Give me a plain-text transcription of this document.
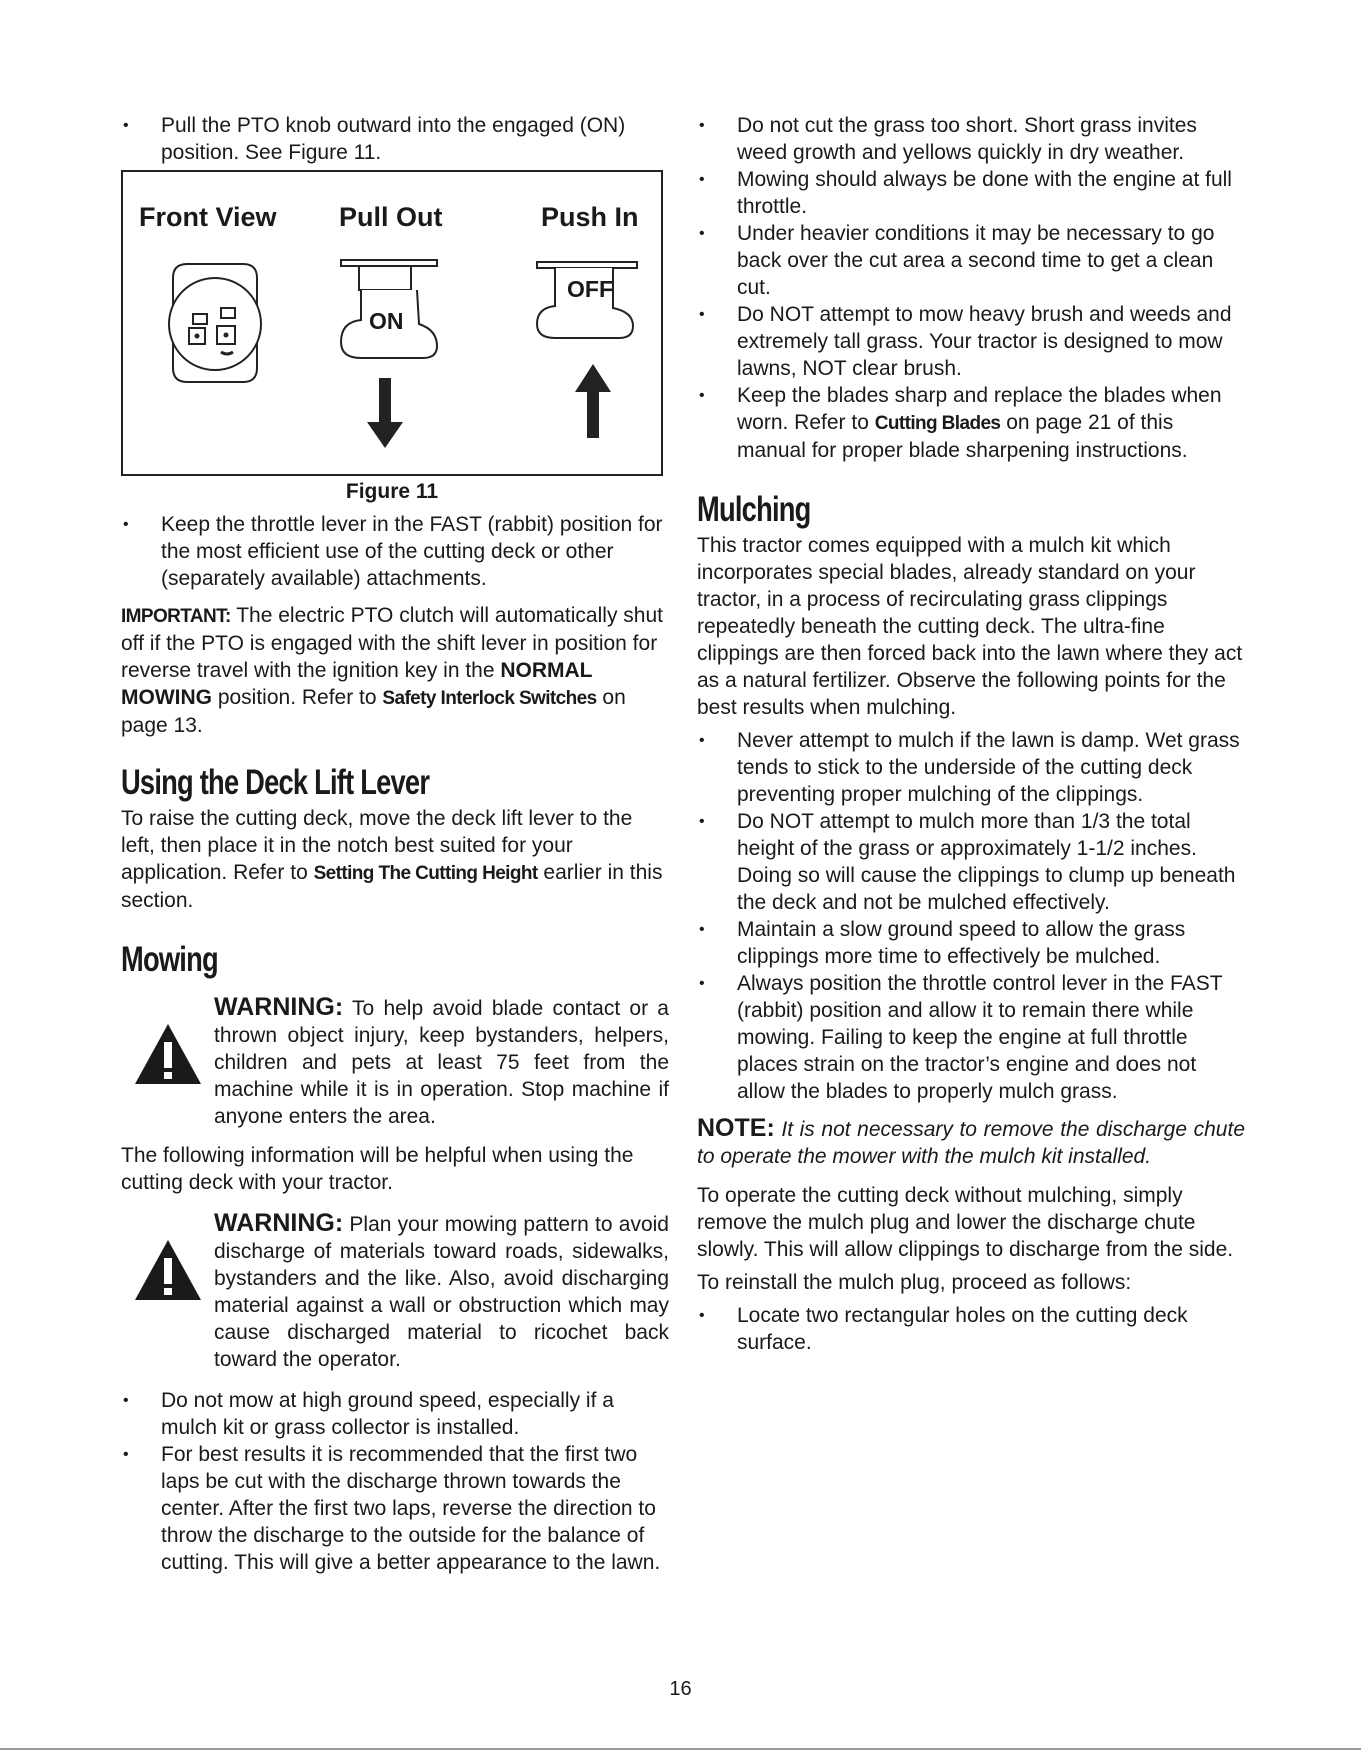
• Pull the PTO knob outward into the engaged (ON) position. See Figure 11.
Front View Pull Out	Push In
ON
OFF
Figure 11
• Keep the throttle lever in the FAST (rabbit) position for the most efficient use of the cutting deck or other (separately available) attachments.

IMPORTANT: The electric PTO clutch will automatically shut off if the PTO is engaged with the shift lever in position for reverse travel with the ignition key in the NORMAL MOWING position. Refer to Safety Interlock Switches on page 13.

Using the Deck Lift Lever

To raise the cutting deck, move the deck lift lever to the left, then place it in the notch best suited for your application. Refer to Setting The Cutting Height earlier in this section.

Mowing

WARNING: To help avoid blade contact or a thrown object injury, keep bystanders, helpers, children and pets at least 75 feet from the machine while it is in operation. Stop machine if anyone enters the area.

The following information will be helpful when using the cutting deck with your tractor.

WARNING: Plan your mowing pattern to avoid discharge of materials toward roads, sidewalks, bystanders and the like. Also, avoid discharging material against a wall or obstruction which may cause discharged material to ricochet back toward the operator.

• Do not mow at high ground speed, especially if a mulch kit or grass collector is installed.
• For best results it is recommended that the first two laps be cut with the discharge thrown towards the center. After the first two laps, reverse the direction to throw the discharge to the outside for the balance of cutting. This will give a better appearance to the lawn.
• Do not cut the grass too short. Short grass invites weed growth and yellows quickly in dry weather.
• Mowing should always be done with the engine at full throttle.
• Under heavier conditions it may be necessary to go back over the cut area a second time to get a clean cut.
• Do NOT attempt to mow heavy brush and weeds and extremely tall grass. Your tractor is designed to mow lawns, NOT clear brush.
• Keep the blades sharp and replace the blades when worn. Refer to Cutting Blades on page 21 of this manual for proper blade sharpening instructions.
Mulching

This tractor comes equipped with a mulch kit which incorporates special blades, already standard on your tractor, in a process of recirculating grass clippings repeatedly beneath the cutting deck. The ultra-fine clippings are then forced back into the lawn where they act as a natural fertilizer. Observe the following points for the best results when mulching.

• Never attempt to mulch if the lawn is damp. Wet grass tends to stick to the underside of the cutting deck preventing proper mulching of the clippings.
• Do NOT attempt to mulch more than 1/3 the total height of the grass or approximately 1-1/2 inches. Doing so will cause the clippings to clump up beneath the deck and not be mulched effectively.
• Maintain a slow ground speed to allow the grass clippings more time to effectively be mulched.
• Always position the throttle control lever in the FAST (rabbit) position and allow it to remain there while mowing. Failing to keep the engine at full throttle places strain on the tractor’s engine and does not allow the blades to properly mulch grass.

NOTE: It is not necessary to remove the discharge chute to operate the mower with the mulch kit installed.

To operate the cutting deck without mulching, simply remove the mulch plug and lower the discharge chute slowly. This will allow clippings to discharge from the side.

To reinstall the mulch plug, proceed as follows:

• Locate two rectangular holes on the cutting deck surface.
16
